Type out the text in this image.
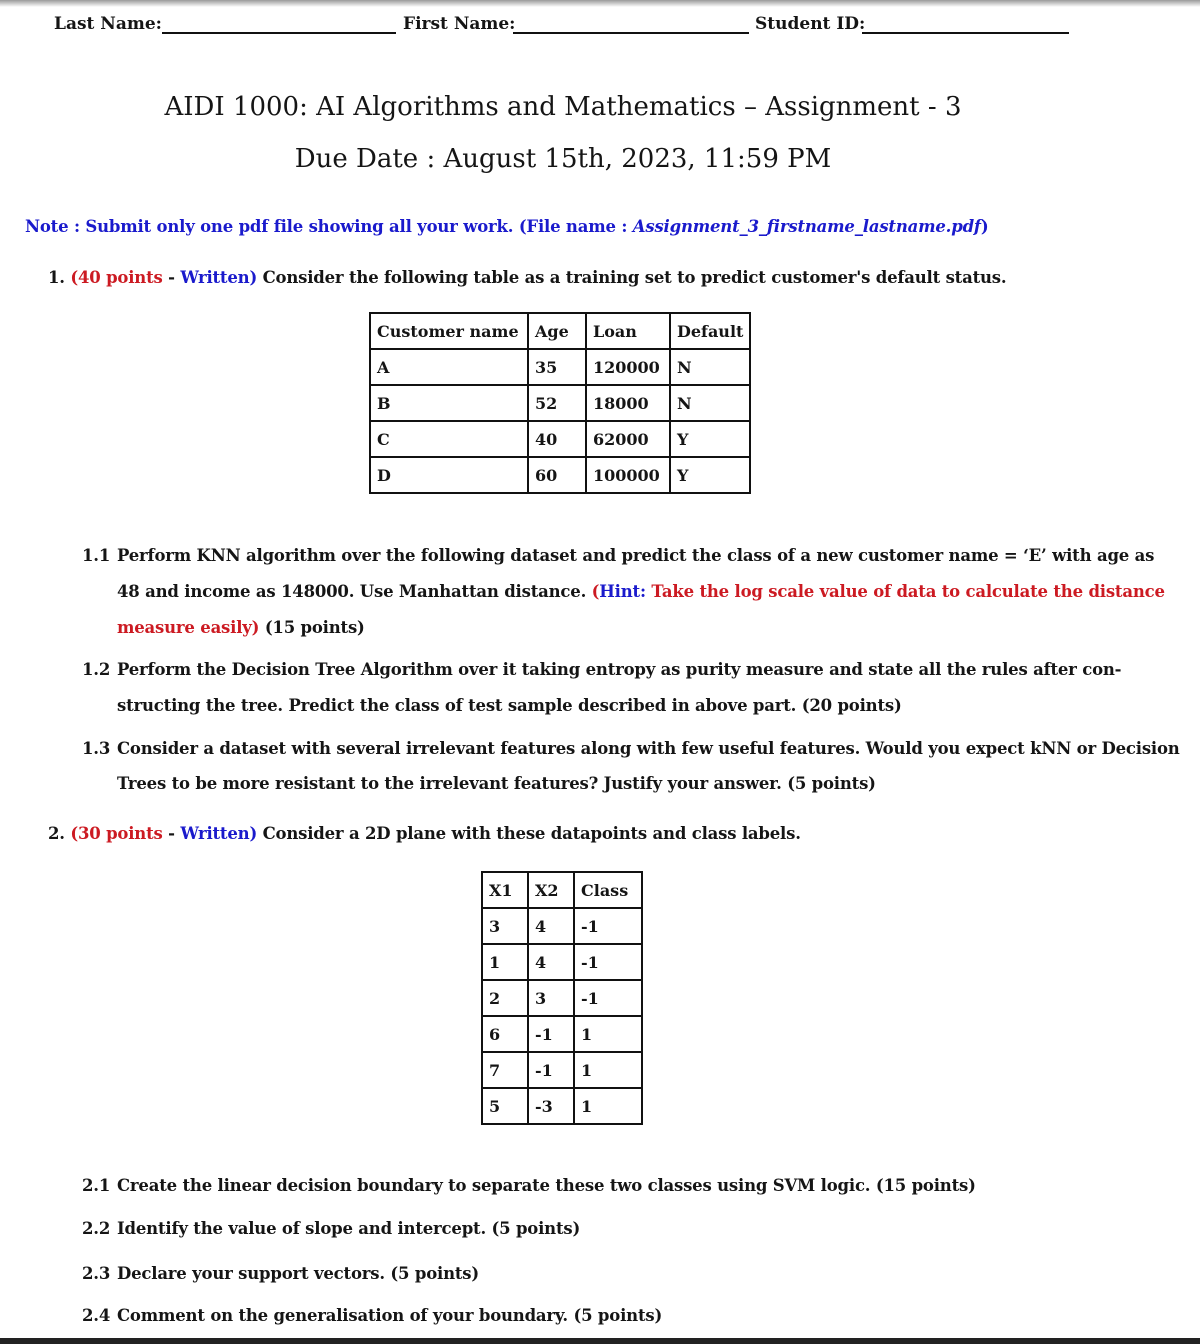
Last Name:	First Name:	Student ID:
AIDI 1000: AI Algorithms and Mathematics – Assignment - 3
Due Date : August 15th, 2023, 11:59 PM
Note : Submit only one pdf file showing all your work. (File name : Assignment_3_firstname_lastname.pdf)
1. (40 points - Written) Consider the following table as a training set to predict customer's default status.
Customer name	Age	Loan	Default
A	35	120000	N
B	52	18000	N
C	40	62000	Y
D	60	100000	Y
1.1 Perform KNN algorithm over the following dataset and predict the class of a new customer name = ‘E’ with age as
48 and income as 148000. Use Manhattan distance. (Hint: Take the log scale value of data to calculate the distance
measure easily) (15 points)
1.2 Perform the Decision Tree Algorithm over it taking entropy as purity measure and state all the rules after con-
structing the tree. Predict the class of test sample described in above part. (20 points)
1.3 Consider a dataset with several irrelevant features along with few useful features. Would you expect kNN or Decision
Trees to be more resistant to the irrelevant features? Justify your answer. (5 points)
2. (30 points - Written) Consider a 2D plane with these datapoints and class labels.
X1	X2	Class
3	4	-1
1	4	-1
2	3	-1
6	-1	1
7	-1	1
5	-3	1
2.1 Create the linear decision boundary to separate these two classes using SVM logic. (15 points)
2.2 Identify the value of slope and intercept. (5 points)
2.3 Declare your support vectors. (5 points)
2.4 Comment on the generalisation of your boundary. (5 points)
